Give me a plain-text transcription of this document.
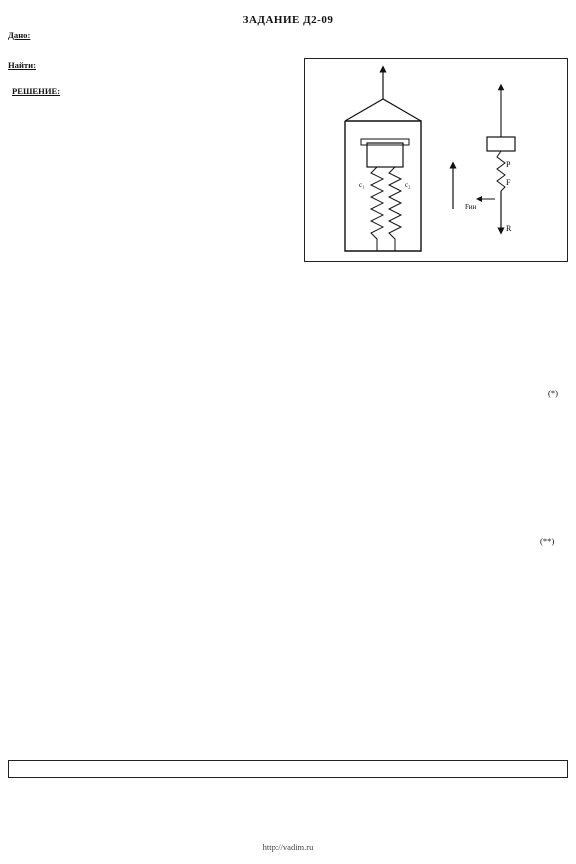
ЗАДАНИЕ Д2-09
Дано:
Найти:
РЕШЕНИЕ:
c₁	c₂
P
F
R
Fин

(*)
(**)

http://vadim.ru
